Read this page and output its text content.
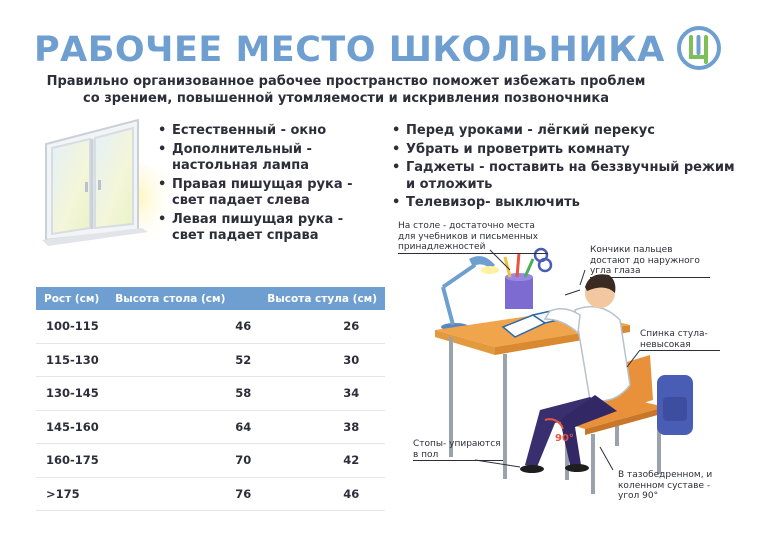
РАБОЧЕЕ МЕСТО ШКОЛЬНИКА
Правильно организованное рабочее пространство поможет избежать проблем
со зрением, повышенной утомляемости и искривления позвоночника
• Естественный - окно
• Дополнительный - настольная лампа
• Правая пишущая рука - свет падает слева
• Левая пишущая рука - свет падает справа
• Перед уроками - лёгкий перекус
• Убрать и проветрить комнату
• Гаджеты - поставить на беззвучный режим и отложить
• Телевизор- выключить
Рост (см)	Высота стола (см)	Высота стула (см)
100-115	46	26
115-130	52	30
130-145	58	34
145-160	64	38
160-175	70	42
>175	76	46
90°
На столе - достаточно места для учебников и письменных принадлежностей	Кончики пальцев достают до наружного угла глаза
Спинка стула- невысокая
Стопы- упираются в пол
В тазобедренном, и коленном суставе - угол 90°
